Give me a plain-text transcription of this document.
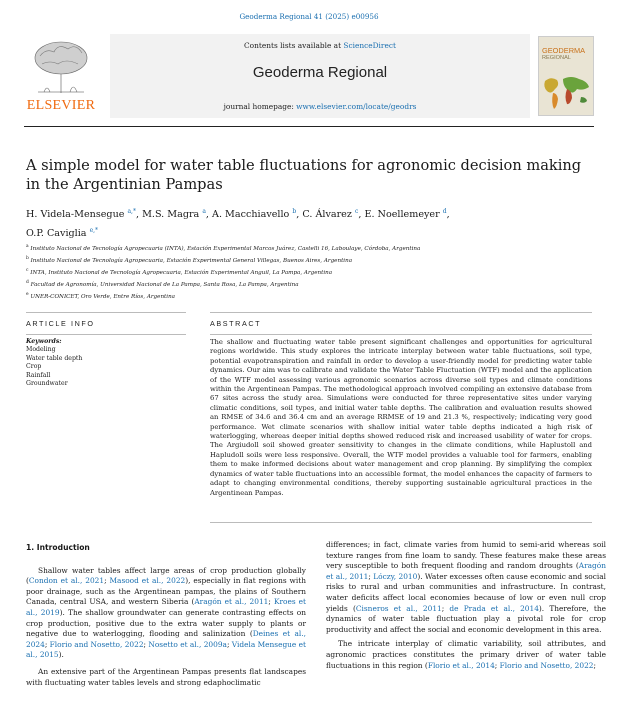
Geoderma Regional 41 (2025) e00956
ELSEVIER
Contents lists available at ScienceDirect
Geoderma Regional
journal homepage: www.elsevier.com/locate/geodrs
GEODERMA
REGIONAL
A simple model for water table fluctuations for agronomic decision making
in the Argentinian Pampas
H. Videla-Mensegue $^{a,*}$, M.S. Magra $^a$, A. Macchiavello $^b$, C. Álvarez $^c$, E. Noellemeyer $^d$,
O.P. Caviglia $^{e,*}$
$^a$ Instituto Nacional de Tecnología Agropecuaria (INTA), Estación Experimental Marcos Juárez, Castelli 16, Laboulaye, Córdoba, Argentina
$^b$ Instituto Nacional de Tecnología Agropecuaria, Estación Experimental General Villegas, Buenos Aires, Argentina
$^c$ INTA, Instituto Nacional de Tecnología Agropecuaria, Estación Experimental Anguil, La Pampa, Argentina
$^d$ Facultad de Agronomía, Universidad Nacional de La Pampa, Santa Rosa, La Pampa, Argentina
$^e$ UNER-CONICET, Oro Verde, Entre Ríos, Argentina
ARTICLE INFO	ABSTRACT
Keywords:
Modeling
Water table depth
Crop
Rainfall
Groundwater
The shallow and fluctuating water table present significant challenges and opportunities for agricultural regions worldwide. This study explores the intricate interplay between water table fluctuations, soil type, potential evapotranspiration and rainfall in order to develop a user-friendly model for predicting water table dynamics. Our aim was to calibrate and validate the Water Table Fluctuation (WTF) model and the application of the WTF model assessing various agronomic scenarios across diverse soil types and climate conditions within the Argentinean Pampas. The methodological approach involved compiling an extensive database from 67 sites across the study area. Simulations were conducted for three representative sites under varying climatic conditions, soil types, and initial water table depths. The calibration and evaluation results showed an RMSE of 34.6 and 36.4 cm and an average RRMSE of 19 and 21.3 %, respectively; indicating very good performance. Wet climate scenarios with shallow initial water table depths indicated a high risk of waterlogging, whereas deeper initial depths showed reduced risk and increased usability of water for crops. The Argiudoll soil showed greater sensitivity to changes in the climate conditions, while Haplustoll and Hapludoll soils were less responsive. Overall, the WTF model provides a valuable tool for farmers, enabling them to make informed decisions about water management and crop planning. By simplifying the complex dynamics of water table fluctuations into an accessible format, the model enhances the capacity of farmers to adapt to changing environmental conditions, thereby supporting sustainable agricultural practices in the Argentinean Pampas.
1. Introduction

Shallow water tables affect large areas of crop production globally (Condon et al., 2021; Masood et al., 2022), especially in flat regions with poor drainage, such as the Argentinean pampas, the plains of Southern Canada, central USA, and western Siberia (Aragón et al., 2011; Kroes et al., 2019). The shallow groundwater can generate contrasting effects on crop production, positive due to the extra water supply to plants or negative due to waterlogging, flooding and salinization (Deines et al., 2024; Florio and Nosetto, 2022; Nosetto et al., 2009a; Videla Mensegue et al., 2015).

An extensive part of the Argentinean Pampas presents flat landscapes with fluctuating water tables levels and strong edaphoclimatic

differences; in fact, climate varies from humid to semi-arid whereas soil texture ranges from fine loam to sandy. These features make these areas very susceptible to both frequent flooding and random droughts (Aragón et al., 2011; Lóczy, 2010). Water excesses often cause economic and social risks to rural and urban communities and infrastructure. In contrast, water deficits affect local economies because of low or even null crop yields (Cisneros et al., 2011; de Prada et al., 2014). Therefore, the dynamics of water table fluctuation play a pivotal role for crop productivity and affect the social and economic development in this area.

The intricate interplay of climatic variability, soil attributes, and agronomic practices constitutes the primary driver of water table fluctuations in this region (Florio et al., 2014; Florio and Nosetto, 2022;
